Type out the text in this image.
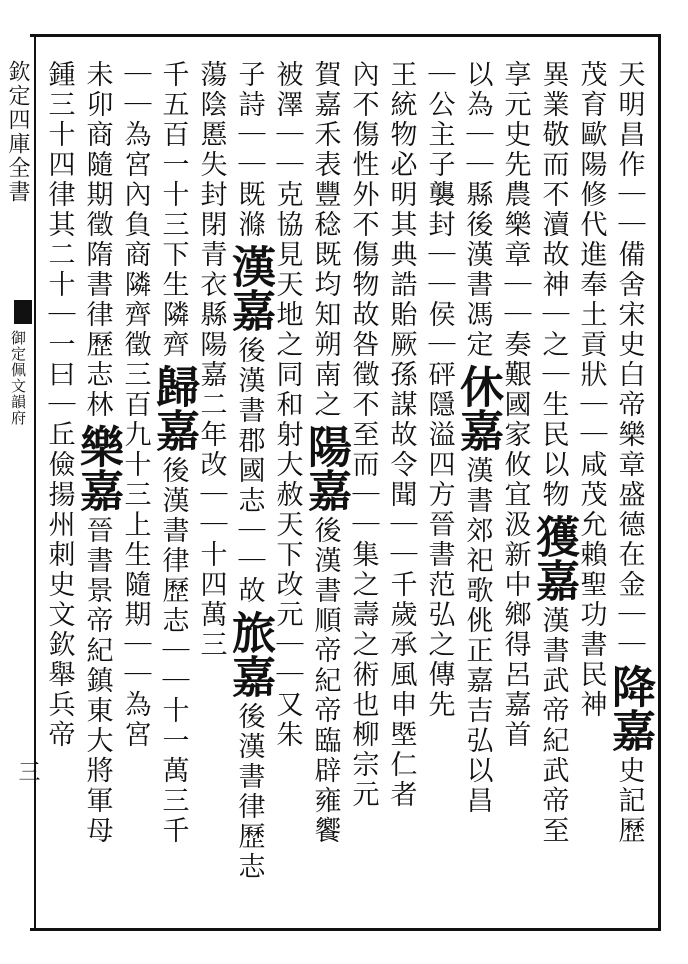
欽定四庫全書
御定佩文韻府
三
天明昌作｜｜備舍宋史白帝樂章盛德在金｜｜
降嘉
史記歷
茂育歐陽修代進奉土貢狀｜｜咸茂允賴聖功
書民神
異業敬而不瀆故神｜之｜生民以物
獲嘉
漢書武帝紀武帝至
享元史先農樂章｜｜奏艱國家攸宜
汲新中鄉得呂嘉首
以為｜｜縣後漢書馮定
休嘉
漢書郊祀歌佻正嘉吉弘以昌
｜公主子襲封｜｜侯
｜砰隱溢四方晉書范弘之傳先
王統物必明其典誥貽厥孫謀故令聞｜｜千歲承風申塈仁者
內不傷性外不傷物故咎徵不至而｜｜集之壽之術也柳宗元
賀嘉禾表豐稔既均知朔南之
陽嘉
後漢書順帝紀帝臨辟雍饗
被澤｜｜克協見天地之同和
射大赦天下改元｜｜又朱
子詩｜｜既滌
漢嘉
後漢書郡國志｜｜故
旅嘉
後漢書律歷志
蕩陰慝失封閉
青衣縣陽嘉二年改
｜｜十四萬三
千五百一十三下生隣齊
歸嘉
後漢書律歷志｜｜十一萬三千
｜｜為宮內負商隣齊徵
三百九十三上生隨期｜｜為宮
未卯商隨期徵隋書律歷志林
樂嘉
晉書景帝紀鎮東大將軍母
鍾三十四律其二十｜一曰｜
丘儉揚州刺史文欽舉兵帝
